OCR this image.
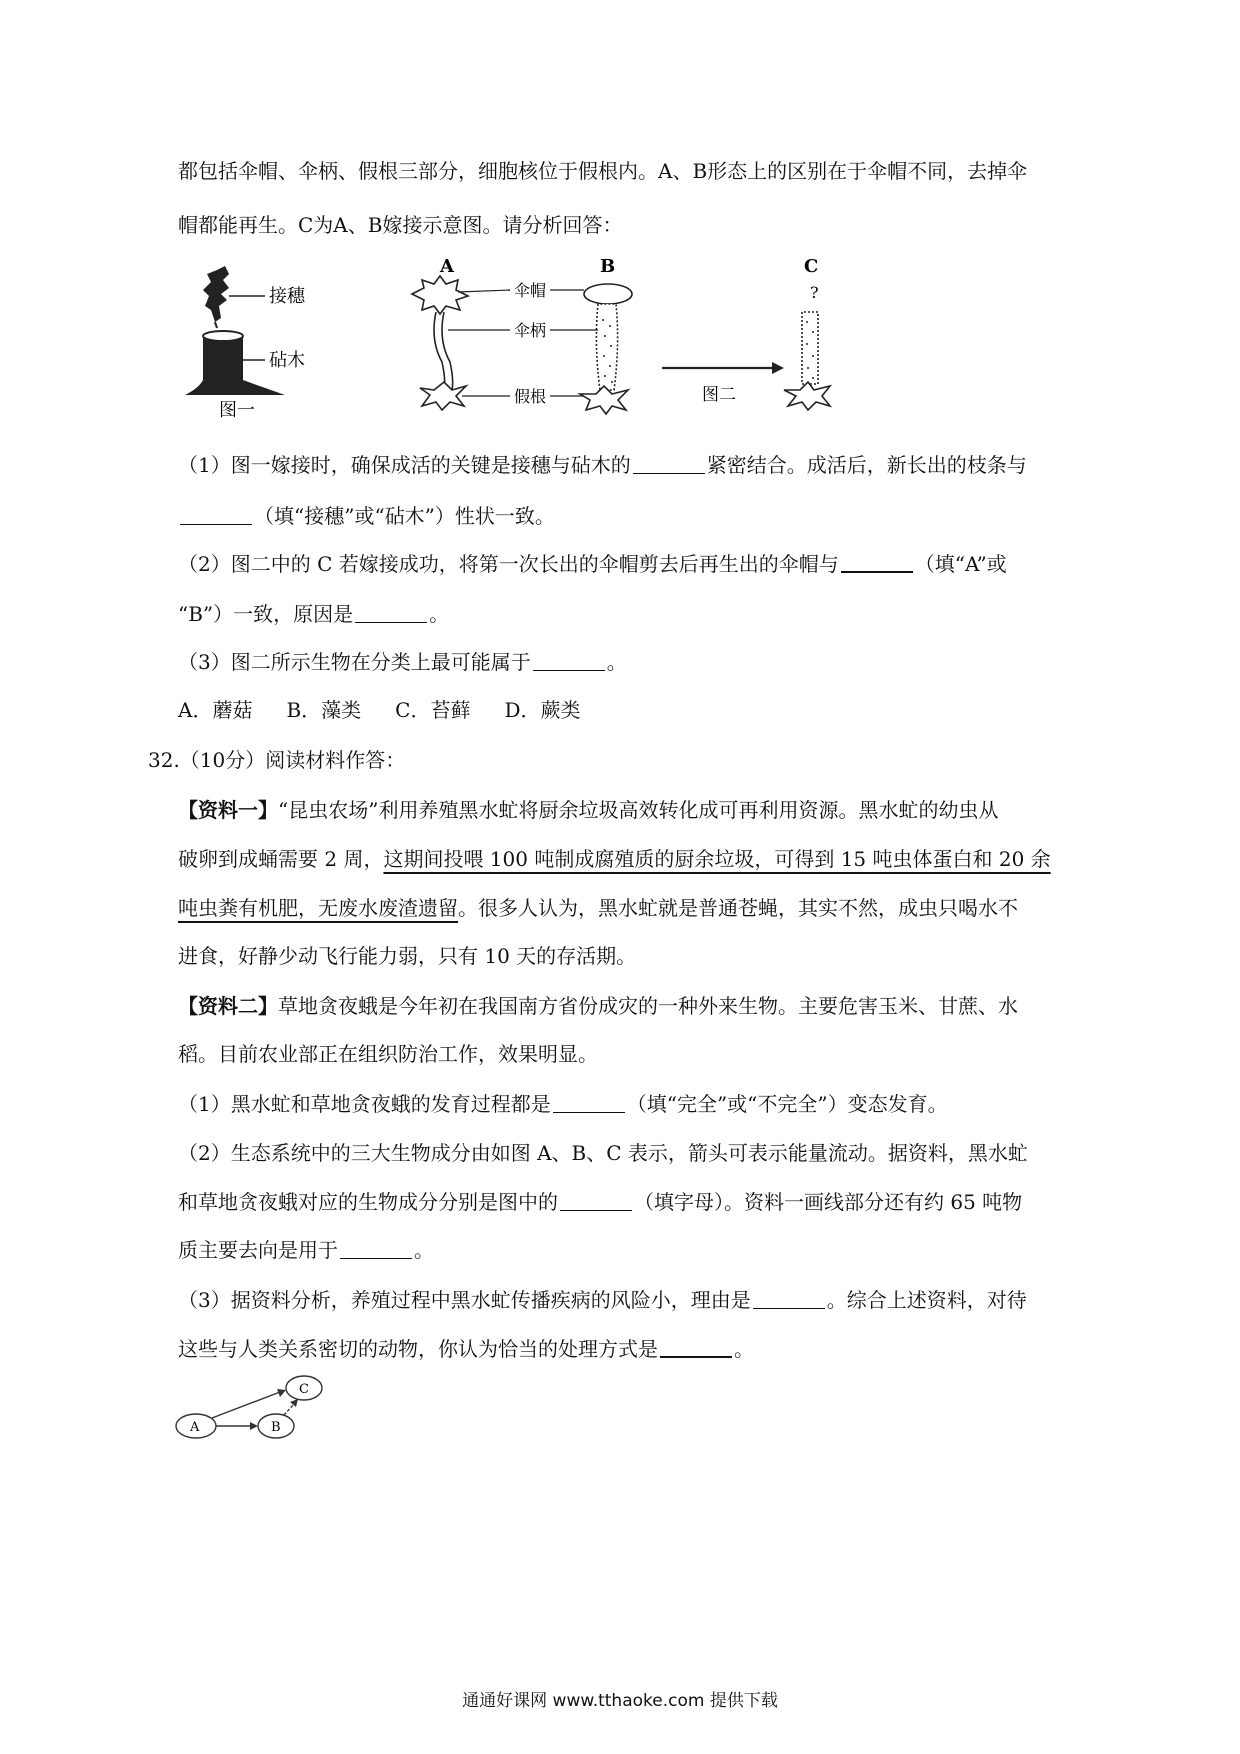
都包括伞帽、伞柄、假根三部分，细胞核位于假根内。A、B形态上的区别在于伞帽不同，去掉伞
帽都能再生。C为A、B嫁接示意图。请分析回答：
接穗
砧木
图一
A	B
伞帽
伞柄
假根	图二
C
?
（1）图一嫁接时，确保成活的关键是接穗与砧木的	紧密结合。成活后，新长出的枝条与
（填“接穗”或“砧木”）性状一致。
（2）图二中的 C 若嫁接成功，将第一次长出的伞帽剪去后再生出的伞帽与	（填“A”或
“B”）一致，原因是	。
（3）图二所示生物在分类上最可能属于	。
A．蘑菇 B．藻类 C．苔藓 D．蕨类
32.（10分）阅读材料作答：
【资料一】“昆虫农场”利用养殖黑水虻将厨余垃圾高效转化成可再利用资源。黑水虻的幼虫从
破卵到成蛹需要 2 周，这期间投喂 100 吨制成腐殖质的厨余垃圾，可得到 15 吨虫体蛋白和 20 余
吨虫粪有机肥，无废水废渣遗留。很多人认为，黑水虻就是普通苍蝇，其实不然，成虫只喝水不
进食，好静少动飞行能力弱，只有 10 天的存活期。
【资料二】草地贪夜蛾是今年初在我国南方省份成灾的一种外来生物。主要危害玉米、甘蔗、水
稻。目前农业部正在组织防治工作，效果明显。
（1）黑水虻和草地贪夜蛾的发育过程都是	（填“完全”或“不完全”）变态发育。
（2）生态系统中的三大生物成分由如图 A、B、C 表示，箭头可表示能量流动。据资料，黑水虻
和草地贪夜蛾对应的生物成分分别是图中的	（填字母）。资料一画线部分还有约 65 吨物
质主要去向是用于	。
（3）据资料分析，养殖过程中黑水虻传播疾病的风险小，理由是	。综合上述资料，对待
这些与人类关系密切的动物，你认为恰当的处理方式是	。
A	B
C
通通好课网 www.tthaoke.com 提供下载
